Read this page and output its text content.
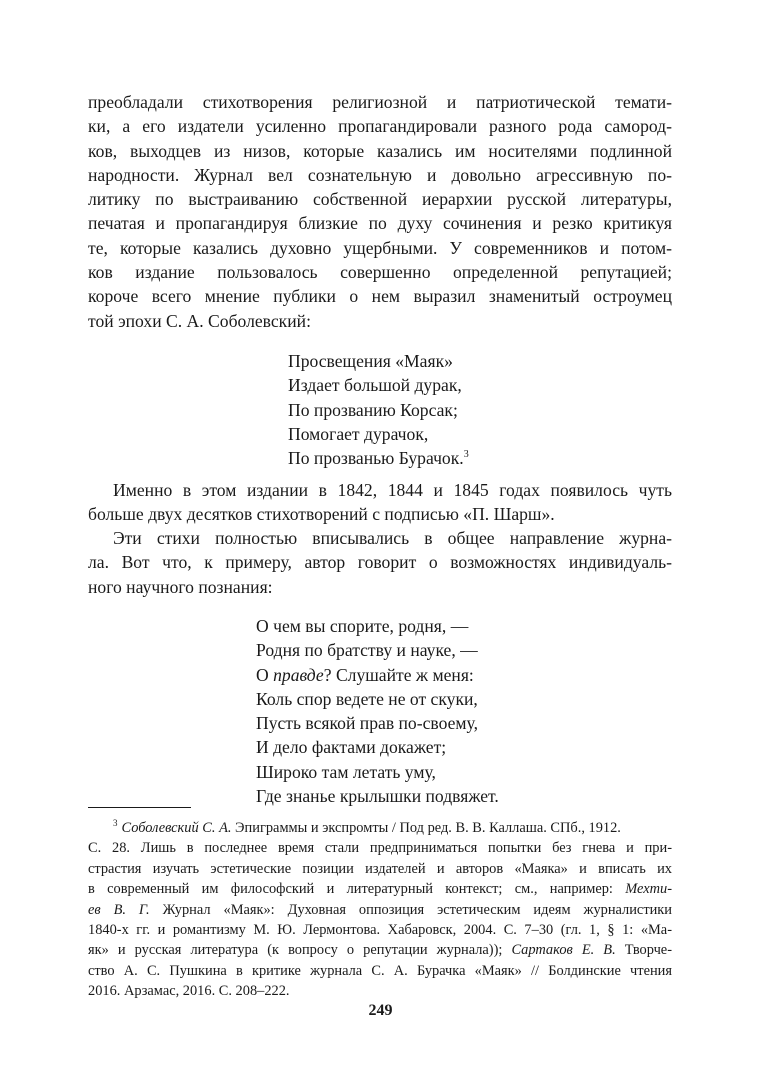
преобладали стихотворения религиозной и патриотической темати-
ки, а его издатели усиленно пропагандировали разного рода самород-
ков, выходцев из низов, которые казались им носителями подлинной
народности. Журнал вел сознательную и довольно агрессивную по-
литику по выстраиванию собственной иерархии русской литературы,
печатая и пропагандируя близкие по духу сочинения и резко критикуя
те, которые казались духовно ущербными. У современников и потом-
ков издание пользовалось совершенно определенной репутацией;
короче всего мнение публики о нем выразил знаменитый остроумец
той эпохи С. А. Соболевский:
Просвещения «Маяк»
Издает большой дурак,
По прозванию Корсак;
Помогает дурачок,
По прозванью Бурачок.$^3$
Именно в этом издании в 1842, 1844 и 1845 годах появилось чуть
больше двух десятков стихотворений с подписью «П. Шарш».
Эти стихи полностью вписывались в общее направление журна-
ла. Вот что, к примеру, автор говорит о возможностях индивидуаль-
ного научного познания:
О чем вы спорите, родня, —
Родня по братству и науке, —
О правде? Слушайте ж меня:
Коль спор ведете не от скуки,
Пусть всякой прав по-своему,
И дело фактами докажет;
Широко там летать уму,
Где знанье крылышки подвяжет.
$^3$ Соболевский С. А. Эпиграммы и экспромты / Под ред. В. В. Каллаша. СПб., 1912.
С. 28. Лишь в последнее время стали предприниматься попытки без гнева и при-
страстия изучать эстетические позиции издателей и авторов «Маяка» и вписать их
в современный им философский и литературный контекст; см., например: Мехти-
ев В. Г. Журнал «Маяк»: Духовная оппозиция эстетическим идеям журналистики
1840-х гг. и романтизму М. Ю. Лермонтова. Хабаровск, 2004. С. 7–30 (гл. 1, § 1: «Ма-
як» и русская литература (к вопросу о репутации журнала)); Сартаков Е. В. Творче-
ство А. С. Пушкина в критике журнала С. А. Бурачка «Маяк» // Болдинские чтения
2016. Арзамас, 2016. С. 208–222.
249
